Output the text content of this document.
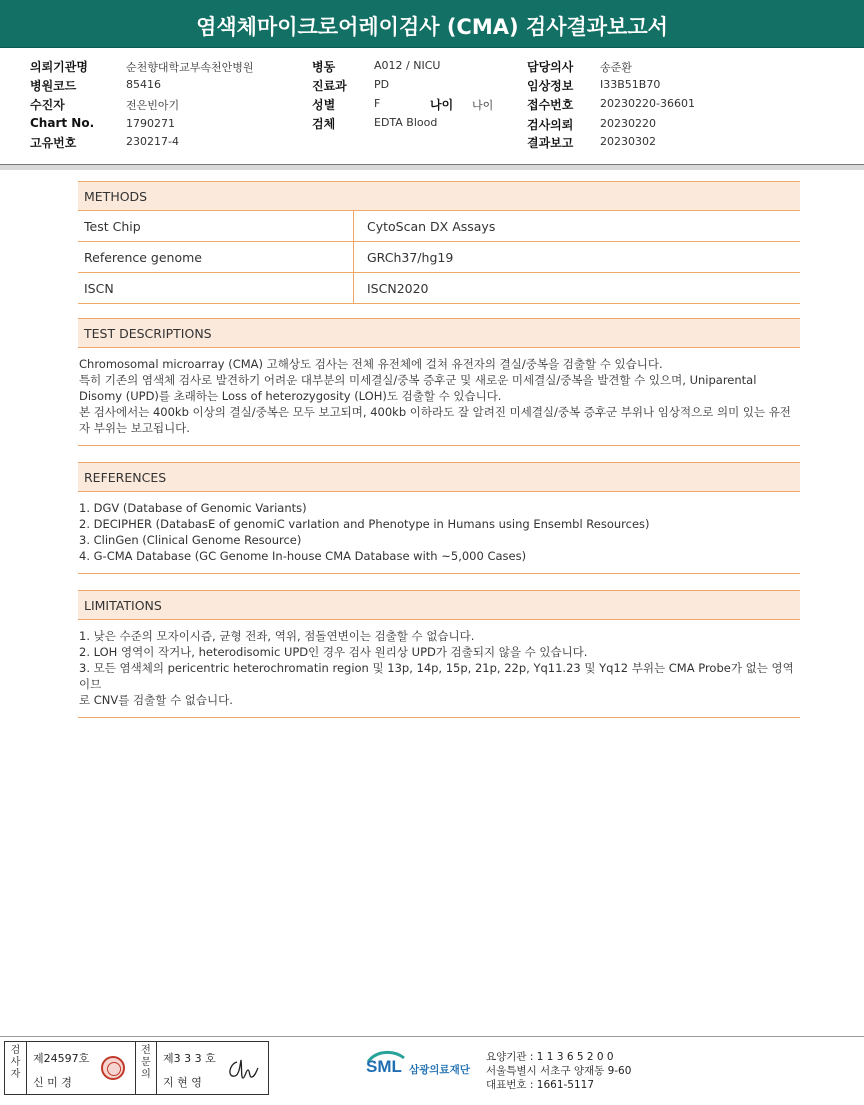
염색체마이크로어레이검사 (CMA) 검사결과보고서
의뢰기관명	순천향대학교부속천안병원
병원코드	85416
수진자	전은빈아기
Chart No.	1790271
고유번호	230217-4
병동	A012 / NICU
진료과 PD
성별	F	나이 나이
검체	EDTA Blood
담당의사 송준환
임상정보 I33B51B70
접수번호 20230220-36601
검사의뢰 20230220
결과보고 20230302
METHODS
Test Chip	CytoScan DX Assays
Reference genome	GRCh37/hg19
ISCN	ISCN2020
TEST DESCRIPTIONS

Chromosomal microarray (CMA) 고해상도 검사는 전체 유전체에 걸쳐 유전자의 결실/중복을 검출할 수 있습니다.

특히 기존의 염색체 검사로 발견하기 어려운 대부분의 미세결실/중복 증후군 및 새로운 미세결실/중복을 발견할 수 있으며, Uniparental

Disomy (UPD)를 초래하는 Loss of heterozygosity (LOH)도 검출할 수 있습니다.

본 검사에서는 400kb 이상의 결실/중복은 모두 보고되며, 400kb 이하라도 잘 알려진 미세결실/중복 증후군 부위나 임상적으로 의미 있는 유전

자 부위는 보고됩니다.

REFERENCES

1. DGV (Database of Genomic Variants)

2. DECIPHER (DatabasE of genomiC varIation and Phenotype in Humans using Ensembl Resources)

3. ClinGen (Clinical Genome Resource)

4. G-CMA Database (GC Genome In-house CMA Database with ~5,000 Cases)

LIMITATIONS

1. 낮은 수준의 모자이시즘, 균형 전좌, 역위, 점돌연변이는 검출할 수 없습니다.

2. LOH 영역이 작거나, heterodisomic UPD인 경우 검사 원리상 UPD가 검출되지 않을 수 있습니다.

3. 모든 염색체의 pericentric heterochromatin region 및 13p, 14p, 15p, 21p, 22p, Yq11.23 및 Yq12 부위는 CMA Probe가 없는 영역이므

로 CNV를 검출할 수 없습니다.

검
사
자
제24597호
신 미 경
전
문
의
제3 3 3 호
지 현 영
SML 삼광의료재단
요양기관 : 1 1 3 6 5 2 0 0
서울특별시 서초구 양재동 9-60
대표번호 : 1661-5117
